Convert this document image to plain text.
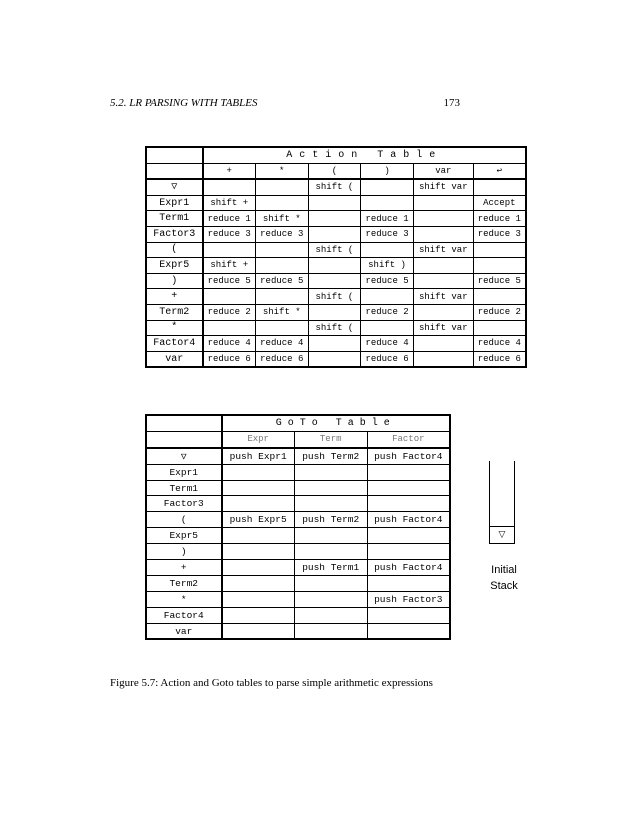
5.2. LR PARSING WITH TABLES	173
	Action Table					
	+	*	(	)	var	↩
▽			shift (		shift var	
Expr1	shift +					Accept
Term1	reduce 1	shift *		reduce 1		reduce 1
Factor3	reduce 3	reduce 3		reduce 3		reduce 3
(			shift (		shift var	
Expr5	shift +			shift )		
)	reduce 5	reduce 5		reduce 5		reduce 5
+			shift (		shift var	
Term2	reduce 2	shift *		reduce 2		reduce 2
*			shift (		shift var	
Factor4	reduce 4	reduce 4		reduce 4		reduce 4
var	reduce 6	reduce 6		reduce 6		reduce 6
	GoTo Table		
	Expr	Term	Factor
▽	push Expr1	push Term2	push Factor4
Expr1			
Term1			
Factor3			
(	push Expr5	push Term2	push Factor4
Expr5			
)			
+		push Term1	push Factor4
Term2			
*			push Factor3
Factor4			
var			
▽
Initial
Stack
Figure 5.7: Action and Goto tables to parse simple arithmetic expressions
